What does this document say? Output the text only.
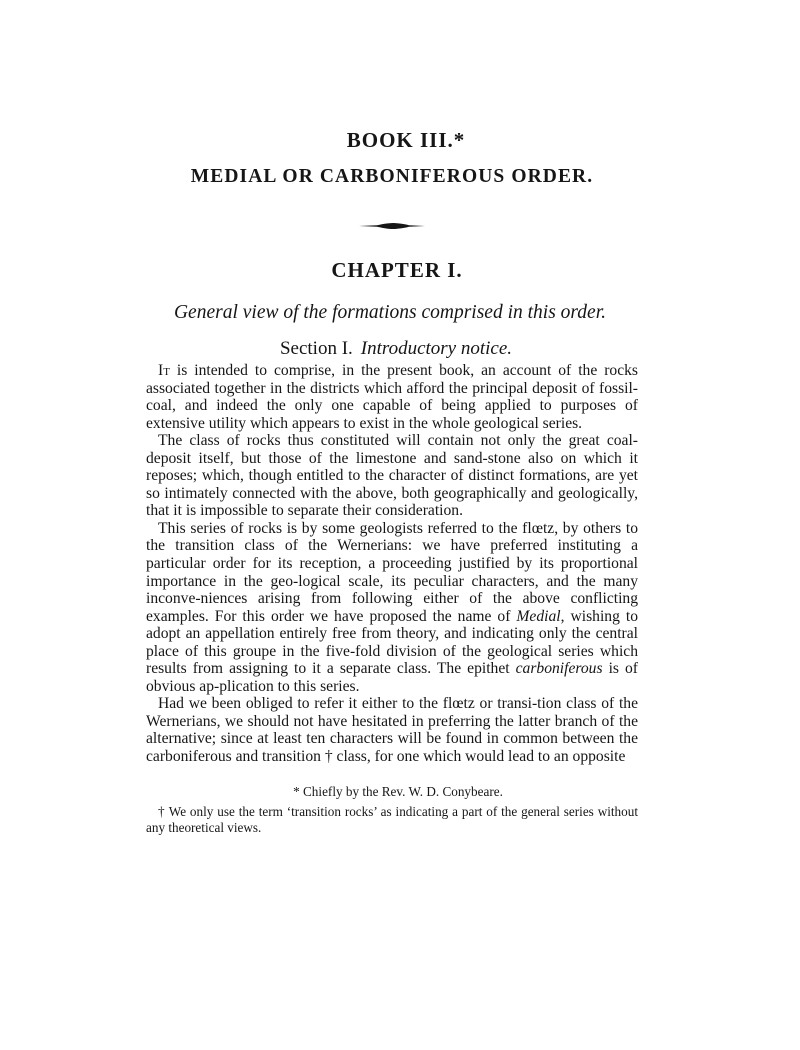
BOOK III.*
MEDIAL OR CARBONIFEROUS ORDER.
CHAPTER I.
General view of the formations comprised in this order.
Section I. Introductory notice.

It is intended to comprise, in the present book, an account of the rocks associated together in the districts which afford the principal deposit of fossil-coal, and indeed the only one capable of being applied to purposes of extensive utility which appears to exist in the whole geological series.

The class of rocks thus constituted will contain not only the great coal-deposit itself, but those of the limestone and sand-stone also on which it reposes; which, though entitled to the character of distinct formations, are yet so intimately connected with the above, both geographically and geologically, that it is impossible to separate their consideration.

This series of rocks is by some geologists referred to the flœtz, by others to the transition class of the Wernerians: we have preferred instituting a particular order for its reception, a proceeding justified by its proportional importance in the geo-logical scale, its peculiar characters, and the many inconve-niences arising from following either of the above conflicting examples. For this order we have proposed the name of Medial, wishing to adopt an appellation entirely free from theory, and indicating only the central place of this groupe in the five-fold division of the geological series which results from assigning to it a separate class. The epithet carboniferous is of obvious ap-plication to this series.

Had we been obliged to refer it either to the flœtz or transi-tion class of the Wernerians, we should not have hesitated in preferring the latter branch of the alternative; since at least ten characters will be found in common between the carboniferous and transition † class, for one which would lead to an opposite

* Chiefly by the Rev. W. D. Conybeare.

† We only use the term ‘transition rocks’ as indicating a part of the general series without any theoretical views.
